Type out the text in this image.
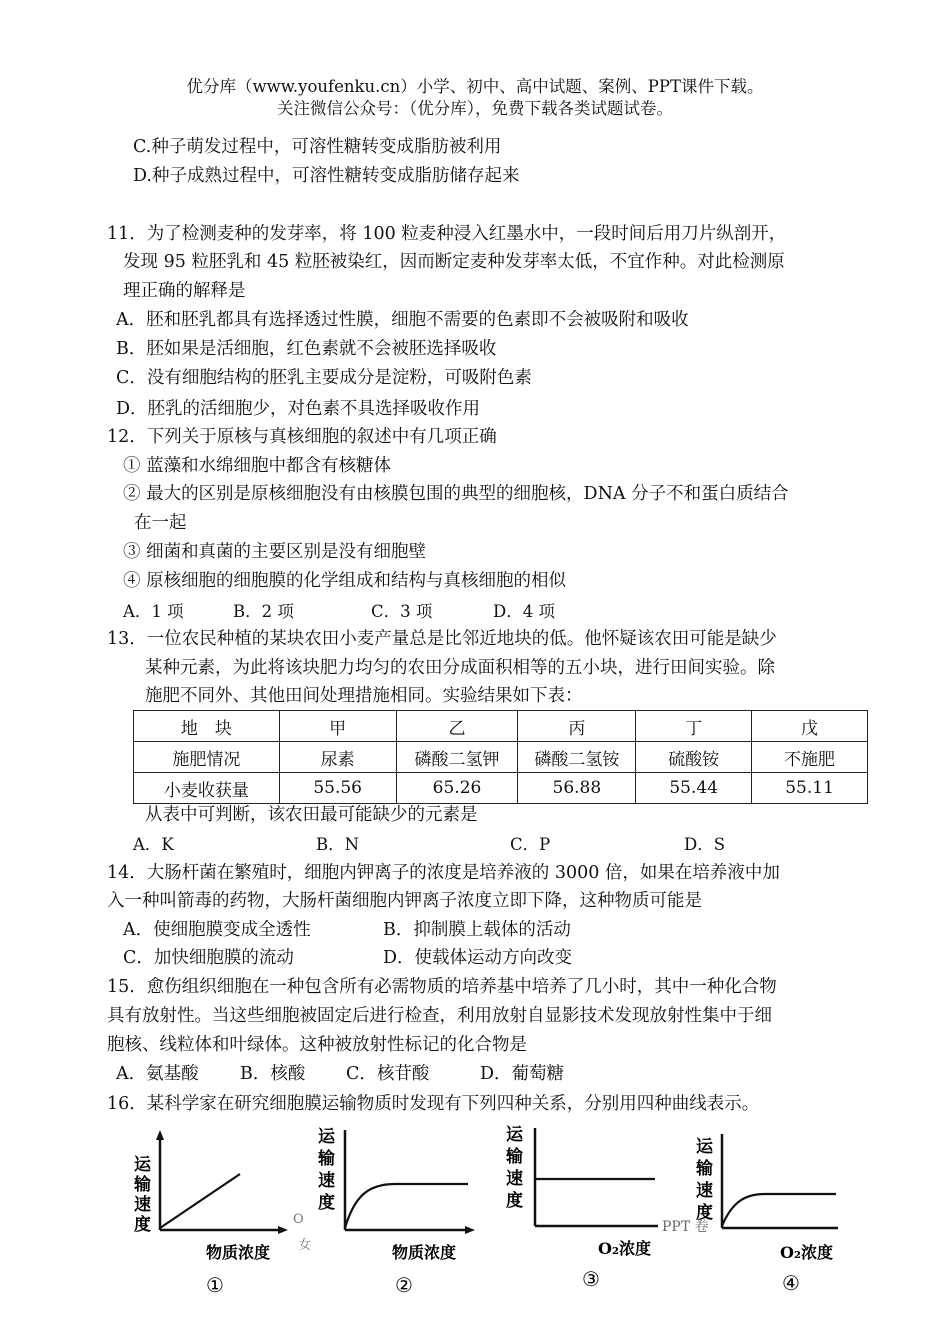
优分库（www.youfenku.cn）小学、初中、高中试题、案例、PPT课件下载。
关注微信公众号：（优分库），免费下载各类试题试卷。
C.种子萌发过程中，可溶性糖转变成脂肪被利用
D.种子成熟过程中，可溶性糖转变成脂肪储存起来
11．为了检测麦种的发芽率，将 100 粒麦种浸入红墨水中，一段时间后用刀片纵剖开，
发现 95 粒胚乳和 45 粒胚被染红，因而断定麦种发芽率太低，不宜作种。对此检测原
理正确的解释是
A．胚和胚乳都具有选择透过性膜，细胞不需要的色素即不会被吸附和吸收
B．胚如果是活细胞，红色素就不会被胚选择吸收
C．没有细胞结构的胚乳主要成分是淀粉，可吸附色素
D．胚乳的活细胞少，对色素不具选择吸收作用
12．下列关于原核与真核细胞的叙述中有几项正确
① 蓝藻和水绵细胞中都含有核糖体
② 最大的区别是原核细胞没有由核膜包围的典型的细胞核，DNA 分子不和蛋白质结合
在一起
③ 细菌和真菌的主要区别是没有细胞壁
④ 原核细胞的细胞膜的化学组成和结构与真核细胞的相似
A．1 项	B．2 项	C．3 项	D．4 项
13．一位农民种植的某块农田小麦产量总是比邻近地块的低。他怀疑该农田可能是缺少
某种元素，为此将该块肥力均匀的农田分成面积相等的五小块，进行田间实验。除
施肥不同外、其他田间处理措施相同。实验结果如下表：
地　块	甲	乙	丙	丁	戊
施肥情况	尿素	磷酸二氢钾	磷酸二氢铵	硫酸铵	不施肥
小麦收获量	55.56	65.26	56.88	55.44	55.11
从表中可判断，该农田最可能缺少的元素是
A．K	B．N	C．P	D．S
14．大肠杆菌在繁殖时，细胞内钾离子的浓度是培养液的 3000 倍，如果在培养液中加
入一种叫箭毒的药物，大肠杆菌细胞内钾离子浓度立即下降，这种物质可能是
A．使细胞膜变成全透性	B．抑制膜上载体的活动
C．加快细胞膜的流动	D．使载体运动方向改变
15．愈伤组织细胞在一种包含所有必需物质的培养基中培养了几小时，其中一种化合物
具有放射性。当这些细胞被固定后进行检查，利用放射自显影技术发现放射性集中于细
胞核、线粒体和叶绿体。这种被放射性标记的化合物是
A．氨基酸 B．核酸 C．核苷酸	D．葡萄糖
16．某科学家在研究细胞膜运输物质时发现有下列四种关系，分别用四种曲线表示。
运
输
速
度
物质浓度
①
运
输
速
度
物质浓度
②
运
输
速
度
O₂浓度
③
运
输
速
度
O₂浓度
④
O
女
PPT 卷
